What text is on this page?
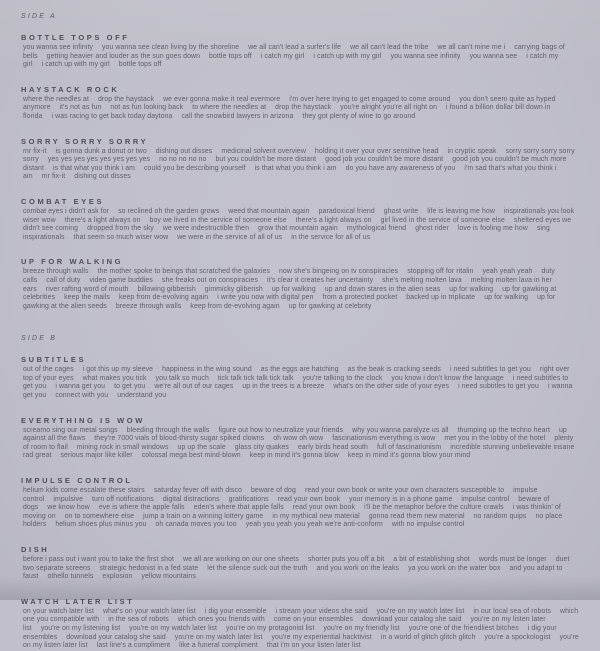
SIDE A
BOTTLE TOPS OFF
you wanna see infinity you wanna see clean living by the shoreline we all can't lead a surfer's life we all can't lead the tribe we all can't mine me i carrying bags of bells getting heavier and louder as the sun goes down bottle tops off i catch my girl i catch up with my girl you wanna see infinity you wanna see i catch my girl i catch up with my girl bottle tops off
HAYSTACK ROCK
where the needles at drop the haystack we ever gonna make it real evermore i'm over here trying to get engaged to come around you don't seem quite as hyped anymore it's not as fun not as fun looking back to where the needles at drop the haystack you're alright you're all right on i found a billion dollar bill down in florida i was racing to get back today daytona call the snowbird lawyers in arizona they got plenty of wine to go around
SORRY SORRY SORRY
mr fix-it is gonna dunk a donut or two dishing out disses medicinal solvent overview holding it over your over sensitive head in cryptic speak sorry sorry sorry sorry sorry yes yes yes yes yes yes yes yes no no no no no but you couldn't be more distant good job you couldn't be more distant good job you couldn't be much more distant is that what you think i am could you be describing yourself is that what you think i am do you have any awareness of you i'm sad that's what you think i am mr fix-it dishing out disses
COMBAT EYES
combat eyes i didn't ask for so reclined oh the garden grows weed that mountain again paradoxical friend ghost write life is leaving me how inspirationals you look wiser wow there's a light always on boy we lived in the service of someone else there's a light always on girl lived in the service of someone else sheltered eyes we didn't see coming dropped from the sky we were indestructible then grow that mountain again mythological friend ghost rider love is fooling me how sing inspirationals that seem so much wiser wow we were in the service of all of us in the service for all of us
UP FOR WALKING
breeze through walls the mother spoke to beings that scratched the galaxies now she's bingeing on tv conspiracies stopping off for ritalin yeah yeah yeah duty calls call of duty video game buddies she freaks out on conspiracies it's clear it creates her uncertainty she's melting molten lava melting molten lava in her ears river rafting word of mouth billowing gibberish gimmicky gliberish up for walking up and down stares in the alien seas up for walking up for gawking at celebrities keep the mails keep from de-evolving again i write you now with digital pen from a protected pocket backed up in triplicate up for walking up for gawking at the alien seeds breeze through walls keep from de-evolving again up for gawking at celebrity
SIDE B
SUBTITLES
out of the cages i got this up my sleeve happiness in the wing sound as the eggs are hatching as the beak is cracking seeds i need subtitles to get you right over top of your eyes what makes you tick you talk so much tick talk tick talk tick talk you're talking to the clock you know i don't know the language i need subtitles to get you i wanna get you to get you we're all out of our cages up in the trees is a breeze what's on the other side of your eyes i need subtitles to get you i wanna get you connect with you understand you
EVERYTHING IS WOW
screamo sing our metal songs bleeding through the walls figure out how to neutralize your friends why you wanna paralyze us all thumping up the techno heart up against all the flaws they're 7000 vials of blood-thirsty sugar spiked clowns oh wow oh wow fascinationism everything is wow met you in the lobby of the hotel plenty of room to flail mining rock in small windows up up the scale glass city quakes early birds head south full of fascinationism incredible stunning unbelievable insane rad great serious major like killer colossal mega best mind-blown keep in mind it's gonna blow keep in mind it's gonna blow your mind
IMPULSE CONTROL
helium kids come escalate these stairs saturday fever off with disco beware of dog read your own book or write your own characters susceptible to impulse control impulsive turn off notifications digital distractions gratifications read your own book your memory is in a phone game impulse control beware of dogs we know how eve is where the apple falls eden's where that apple falls read your own book i'll be the metaphor before the culture crawls i was thinkin' of moving on on to somewhere else jump a train on a winning lottery game in my mythical new material gonna read them new material no random quips no place holders helium shoes plus minus you oh canada moves you too yeah you yeah you yeah we're anti-conform with no impulse control
DISH
before i pass out i want you to take the first shot we all are working on our one sheets shorter puts you off a bit a bit of establishing shot words must be longer duet two separate screens strategic hedonist in a fed state let the silence suck out the truth and you work on the leaks ya you work on the water box and you adapt to faust othello tunnels explosion yellow mountains
WATCH LATER LIST
on your watch later list what's on your watch later list i dig your ensemble i stream your videos she said you're on my watch later list in our local sea of robots which one you compatible with in the sea of robots which ones you friends with come on your ensembles download your catalog she said you're on my listen later list you're on my listening list you're on my watch later list you're on my protagonist list you're on my friendly list you're one of the friendliest bitches i dig your ensembles download your catalog she said you're on my watch later list you're my experiential hacktivist in a world of glitch glitch glitch you're a spockologist you're on my listen later list last line's a compliment like a funeral compliment that i'm on your listen later list
